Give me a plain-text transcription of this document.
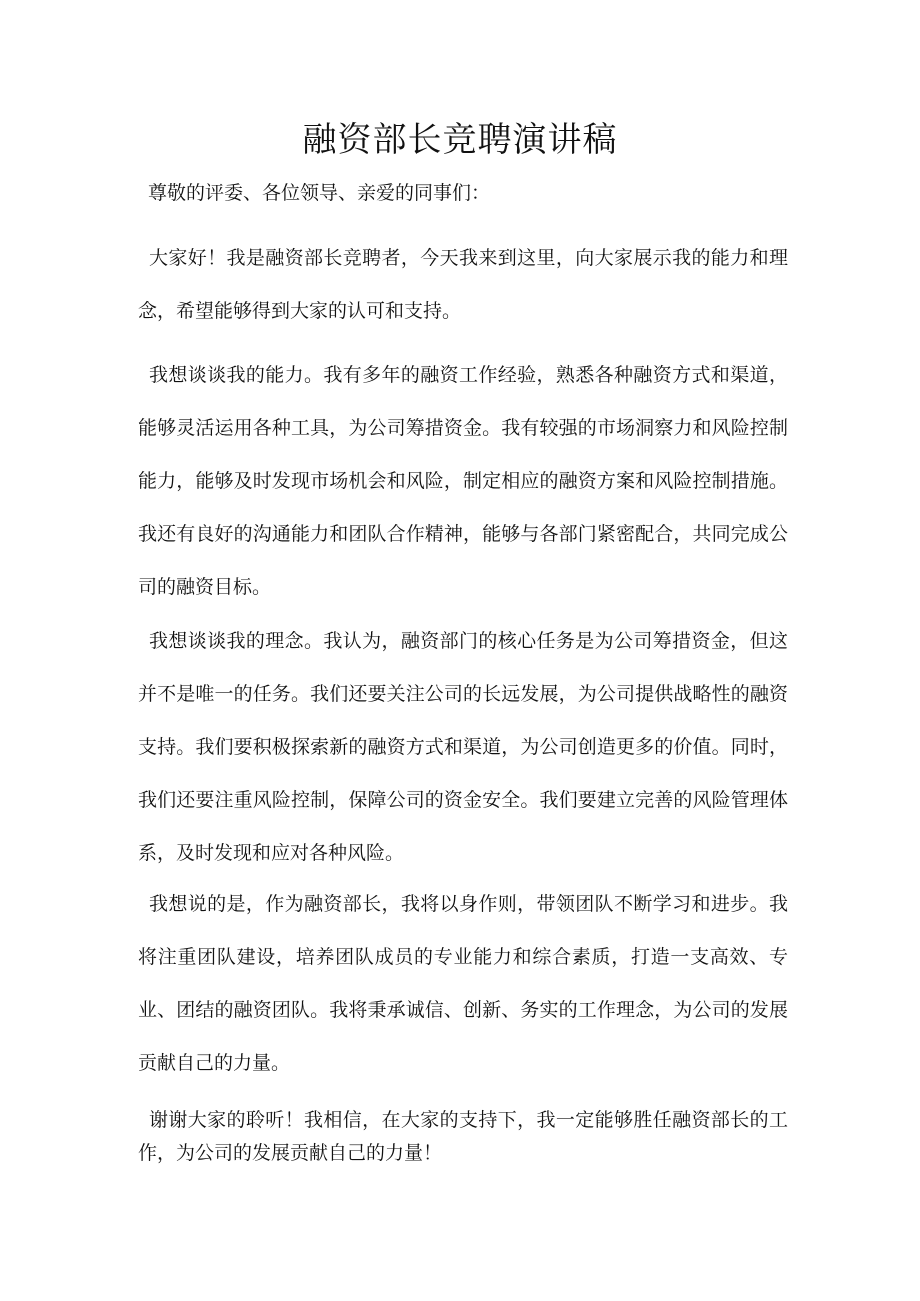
融资部长竞聘演讲稿

尊敬的评委、各位领导、亲爱的同事们：

大家好！我是融资部长竞聘者，今天我来到这里，向大家展示我的能力和理念，希望能够得到大家的认可和支持。

我想谈谈我的能力。我有多年的融资工作经验，熟悉各种融资方式和渠道，能够灵活运用各种工具，为公司筹措资金。我有较强的市场洞察力和风险控制能力，能够及时发现市场机会和风险，制定相应的融资方案和风险控制措施。我还有良好的沟通能力和团队合作精神，能够与各部门紧密配合，共同完成公司的融资目标。

我想谈谈我的理念。我认为，融资部门的核心任务是为公司筹措资金，但这并不是唯一的任务。我们还要关注公司的长远发展，为公司提供战略性的融资支持。我们要积极探索新的融资方式和渠道，为公司创造更多的价值。同时，我们还要注重风险控制，保障公司的资金安全。我们要建立完善的风险管理体系，及时发现和应对各种风险。

我想说的是，作为融资部长，我将以身作则，带领团队不断学习和进步。我将注重团队建设，培养团队成员的专业能力和综合素质，打造一支高效、专业、团结的融资团队。我将秉承诚信、创新、务实的工作理念，为公司的发展贡献自己的力量。

谢谢大家的聆听！我相信，在大家的支持下，我一定能够胜任融资部长的工作，为公司的发展贡献自己的力量！
